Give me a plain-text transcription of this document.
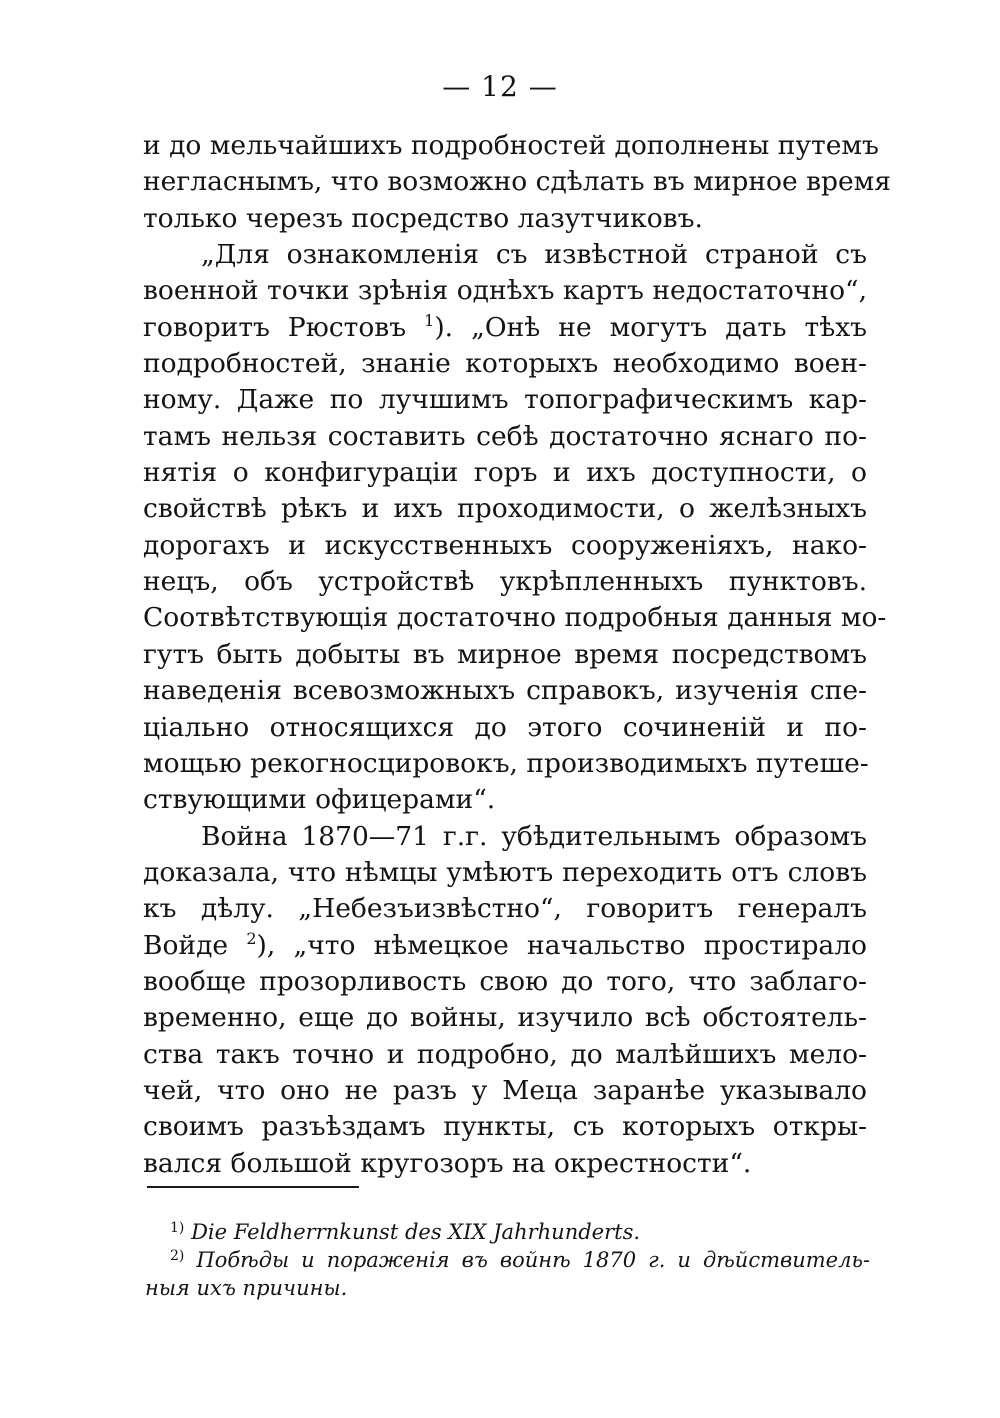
— 12 —
и до мельчайшихъ подробностей дополнены путемъ
негласнымъ, что возможно сдѣлать въ мирное время
только черезъ посредство лазутчиковъ.
„Для ознакомленія съ извѣстной страной съ
военной точки зрѣнія однѣхъ картъ недостаточно“,
говоритъ Рюстовъ $^1$). „Онѣ не могутъ дать тѣхъ
подробностей, знаніе которыхъ необходимо воен-
ному. Даже по лучшимъ топографическимъ кар-
тамъ нельзя составить себѣ достаточно яснаго по-
нятія о конфигураціи горъ и ихъ доступности, о
свойствѣ рѣкъ и ихъ проходимости, о желѣзныхъ
дорогахъ и искусственныхъ сооруженіяхъ, нако-
нецъ, объ устройствѣ укрѣпленныхъ пунктовъ.
Соотвѣтствующія достаточно подробныя данныя мо-
гутъ быть добыты въ мирное время посредствомъ
наведенія всевозможныхъ справокъ, изученія спе-
ціально относящихся до этого сочиненій и по-
мощью рекогносцировокъ, производимыхъ путеше-
ствующими офицерами“.
Война 1870—71 г.г. убѣдительнымъ образомъ
доказала, что нѣмцы умѣютъ переходить отъ словъ
къ дѣлу. „Небезъизвѣстно“, говоритъ генералъ
Войде $^2$), „что нѣмецкое начальство простирало
вообще прозорливость свою до того, что заблаго-
временно, еще до войны, изучило всѣ обстоятель-
ства такъ точно и подробно, до малѣйшихъ мело-
чей, что оно не разъ у Меца заранѣе указывало
своимъ разъѣздамъ пункты, съ которыхъ откры-
вался большой кругозоръ на окрестности“.
$^{1)}$ Die Feldherrnkunst des XIX Jahrhunderts.
$^{2)}$ Побѣды и пораженія въ войнѣ 1870 г. и дѣйствитель-
ныя ихъ причины.
